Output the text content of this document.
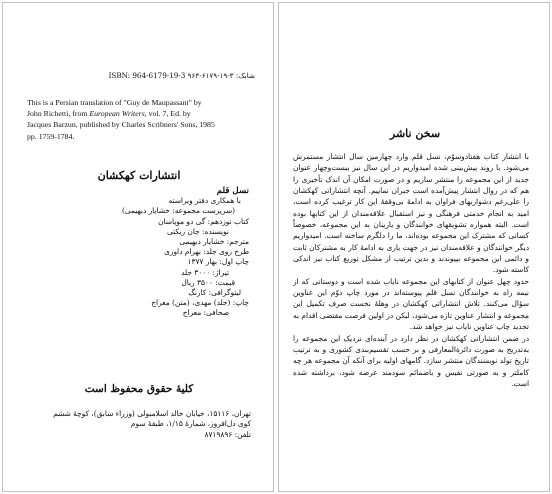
شابک: ۳-۱۹-۶۱۷۹-۹۶۴ ISBN: 964-6179-19-3
This is a Persian translation of "Guy de Maupassant" by
John Richetti, from European Writers, vol. 7, Ed. by
Jacques Barzun, published by Charles Scribners' Sons, 1985
pp. 1759-1784.
انتشارات کهکشان
نسل قلم
با همکاری دفتر ویراسته
(سرپرست مجموعه: خشایار دیهیمی)
کتاب نوزدهم: گی دو موپاسان
نویسنده: جان ریکتی
مترجم: خشایار دیهیمی
طرح روی جلد: بهرام داوری
چاپ اول: بهار ۱۳۷۷
تیراژ: ۳۰۰۰ جلد
قیمت: ۳۵۰۰ ریال
لیتوگرافی: کارنگ
چاپ: (جلد) مهدی، (متن) معراج
صحافی: معراج
کلیهٔ حقوق محفوظ است
تهران، ۱۵۱۱۶، خیابان خالد اسلامبولی (وزراء سابق)، کوچهٔ ششم
کوی دل‌افروز، شمارهٔ ۱/۱۵، طبقهٔ سوم
تلفن: ۸۷۱۹۸۹۶
سخن ناشر

با انتشار کتاب هفتادوسوّم، نسل قلم وارد چهارمین سال انتشار مستمرش می‌شود. با روند پیش‌بینی شده امیدواریم در این سال نیز بیست‌وچهار عنوان جدید از این مجموعه را منتشر سازیم و در صورت امکان آن اندک تأخیری را هم که در روال انتشار پیش‌آمده است جبران نماییم. آنچه انتشاراتی کهکشان را علی‌رغم دشواریهای فراوان به ادامهٔ بی‌وقفهٔ این کار ترغیب کرده است، امید به انجام خدمتی فرهنگی و نیز استقبال علاقه‌مندان از این کتابها بوده است. البته همواره تشویقهای خوانندگان و یارینان به این مجموعه، خصوصاً کسانی که مشترک این مجموعه بوده‌اند، ما را دلگرم ساخته است. امیدواریم دیگر خوانندگان و علاقه‌مندان نیز در جهت یاری به ادامهٔ کار به مشترکان ثابت و دائمی این مجموعه بپیوندند و بدین ترتیب از مشکل توزیع کتاب نیز اندکی کاسته شود.

حدود چهل عنوان از کتابهای این مجموعه نایاب شده است و دوستانی که از نیمه راه به خوانندگان نسل قلم پیوسته‌اند در مورد چاپ دوّم این عناوین سؤال می‌کنند. تلاش انتشاراتی کهکشان در وهلهٔ نخست صرف تکمیل این مجموعه و انتشار عناوین تازه می‌شود، لیکن در اولین فرصت مقتضی اقدام به تجدید چاپ عناوین نایاب نیز خواهد شد.

در ضمن انتشاراتی کهکشان در نظر دارد در آینده‌ای نزدیک این مجموعه را به‌تدریج به صورت دائرةالمعارفی و بر حسب تقسیم‌بندی کشوری و به ترتیب تاریخ تولد نویسندگان منتشر سازد. گامهای اولیه برای آنکه آن مجموعه هر چه کاملتر و به صورتی نفیس و باضمائم سودمند عرضه شود، برداشته شده است.
